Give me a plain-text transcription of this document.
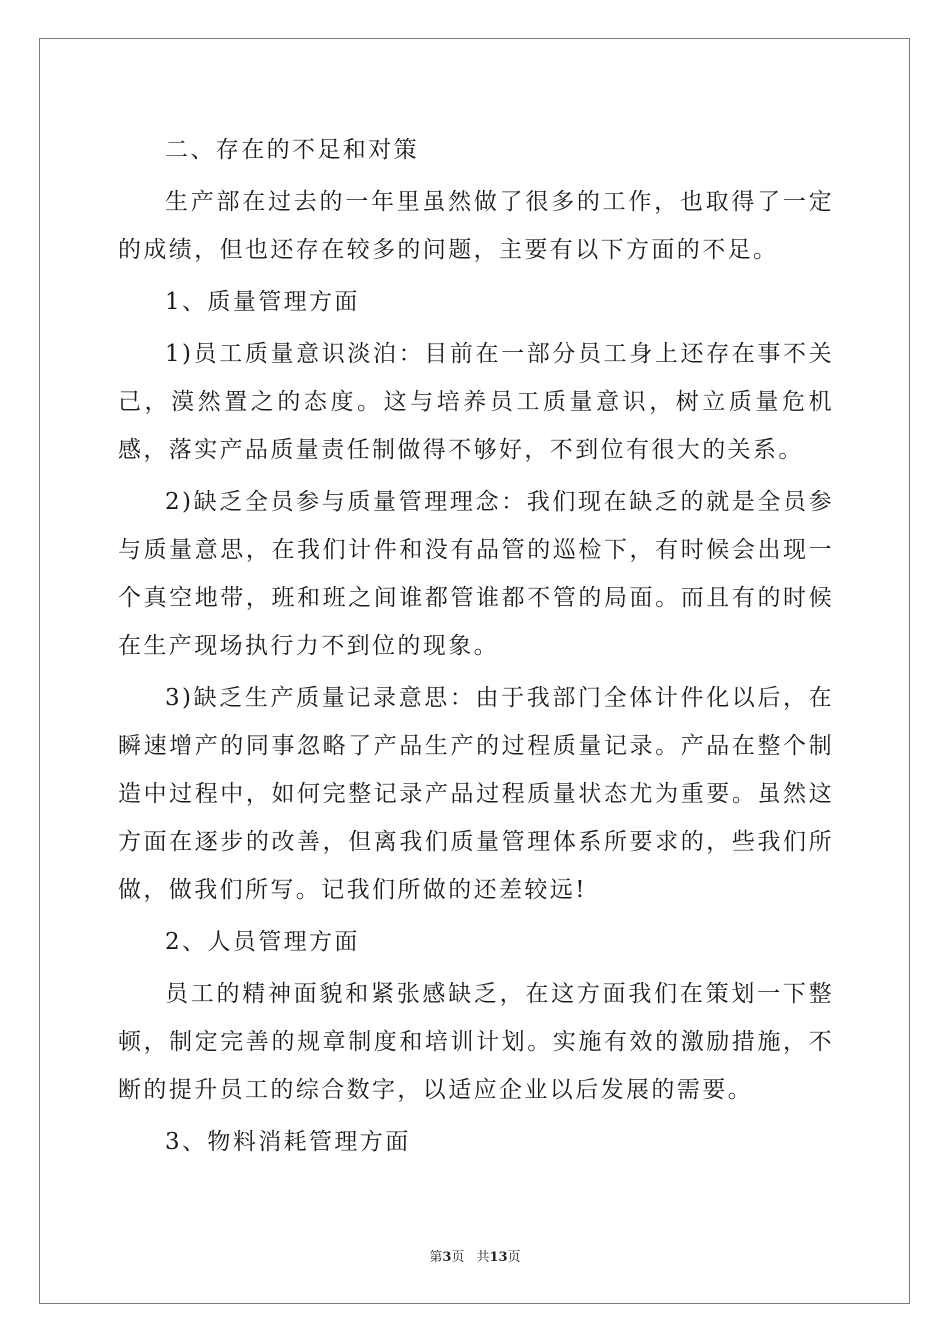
二、存在的不足和对策

生产部在过去的一年里虽然做了很多的工作，也取得了一定的成绩，但也还存在较多的问题，主要有以下方面的不足。

1、质量管理方面

1)员工质量意识淡泊：目前在一部分员工身上还存在事不关己，漠然置之的态度。这与培养员工质量意识，树立质量危机感，落实产品质量责任制做得不够好，不到位有很大的关系。

2)缺乏全员参与质量管理理念：我们现在缺乏的就是全员参与质量意思，在我们计件和没有品管的巡检下，有时候会出现一个真空地带，班和班之间谁都管谁都不管的局面。而且有的时候在生产现场执行力不到位的现象。

3)缺乏生产质量记录意思：由于我部门全体计件化以后，在瞬速增产的同事忽略了产品生产的过程质量记录。产品在整个制造中过程中，如何完整记录产品过程质量状态尤为重要。虽然这方面在逐步的改善，但离我们质量管理体系所要求的，些我们所做，做我们所写。记我们所做的还差较远!

2、人员管理方面

员工的精神面貌和紧张感缺乏，在这方面我们在策划一下整顿，制定完善的规章制度和培训计划。实施有效的激励措施，不断的提升员工的综合数字，以适应企业以后发展的需要。

3、物料消耗管理方面

第3页 共13页
